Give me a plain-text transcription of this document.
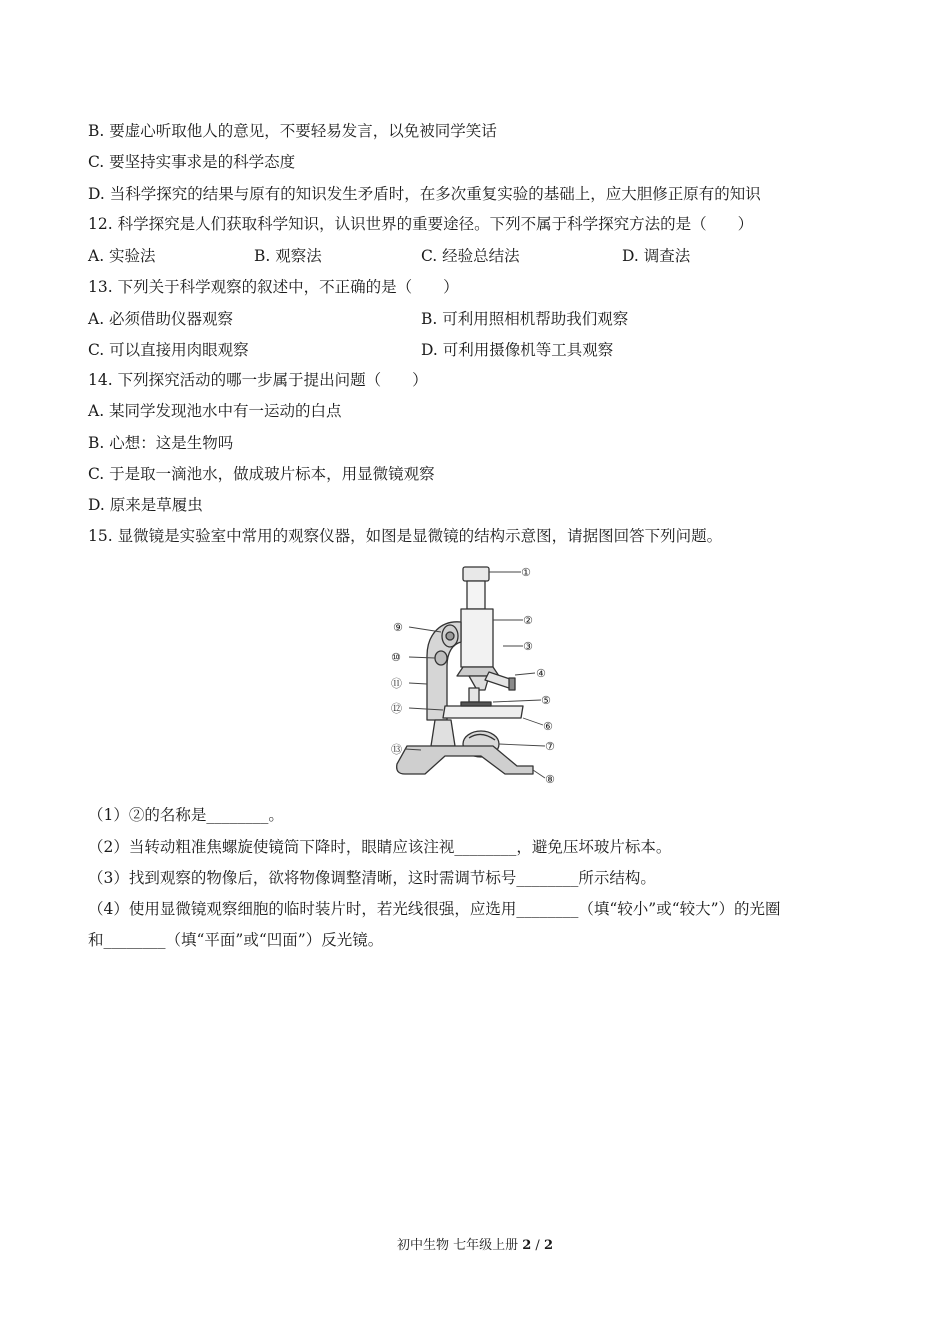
B. 要虚心听取他人的意见，不要轻易发言，以免被同学笑话
C. 要坚持实事求是的科学态度
D. 当科学探究的结果与原有的知识发生矛盾时，在多次重复实验的基础上，应大胆修正原有的知识
12. 科学探究是人们获取科学知识，认识世界的重要途径。下列不属于科学探究方法的是（　　）
A. 实验法	B. 观察法	C. 经验总结法	D. 调查法
13. 下列关于科学观察的叙述中，不正确的是（　　）
A. 必须借助仪器观察	B. 可利用照相机帮助我们观察
C. 可以直接用肉眼观察	D. 可利用摄像机等工具观察
14. 下列探究活动的哪一步属于提出问题（　　）
A. 某同学发现池水中有一运动的白点
B. 心想：这是生物吗
C. 于是取一滴池水，做成玻片标本，用显微镜观察
D. 原来是草履虫
15. 显微镜是实验室中常用的观察仪器，如图是显微镜的结构示意图，请据图回答下列问题。
①
②
③
④
⑤
⑥
⑦
⑧
⑨
⑩
⑪
⑫
⑬
（1）②的名称是________。
（2）当转动粗准焦螺旋使镜筒下降时，眼睛应该注视________，避免压坏玻片标本。
（3）找到观察的物像后，欲将物像调整清晰，这时需调节标号________所示结构。
（4）使用显微镜观察细胞的临时装片时，若光线很强，应选用________（填“较小”或“较大”）的光圈
和________（填“平面”或“凹面”）反光镜。
初中生物 七年级上册 2 / 2
